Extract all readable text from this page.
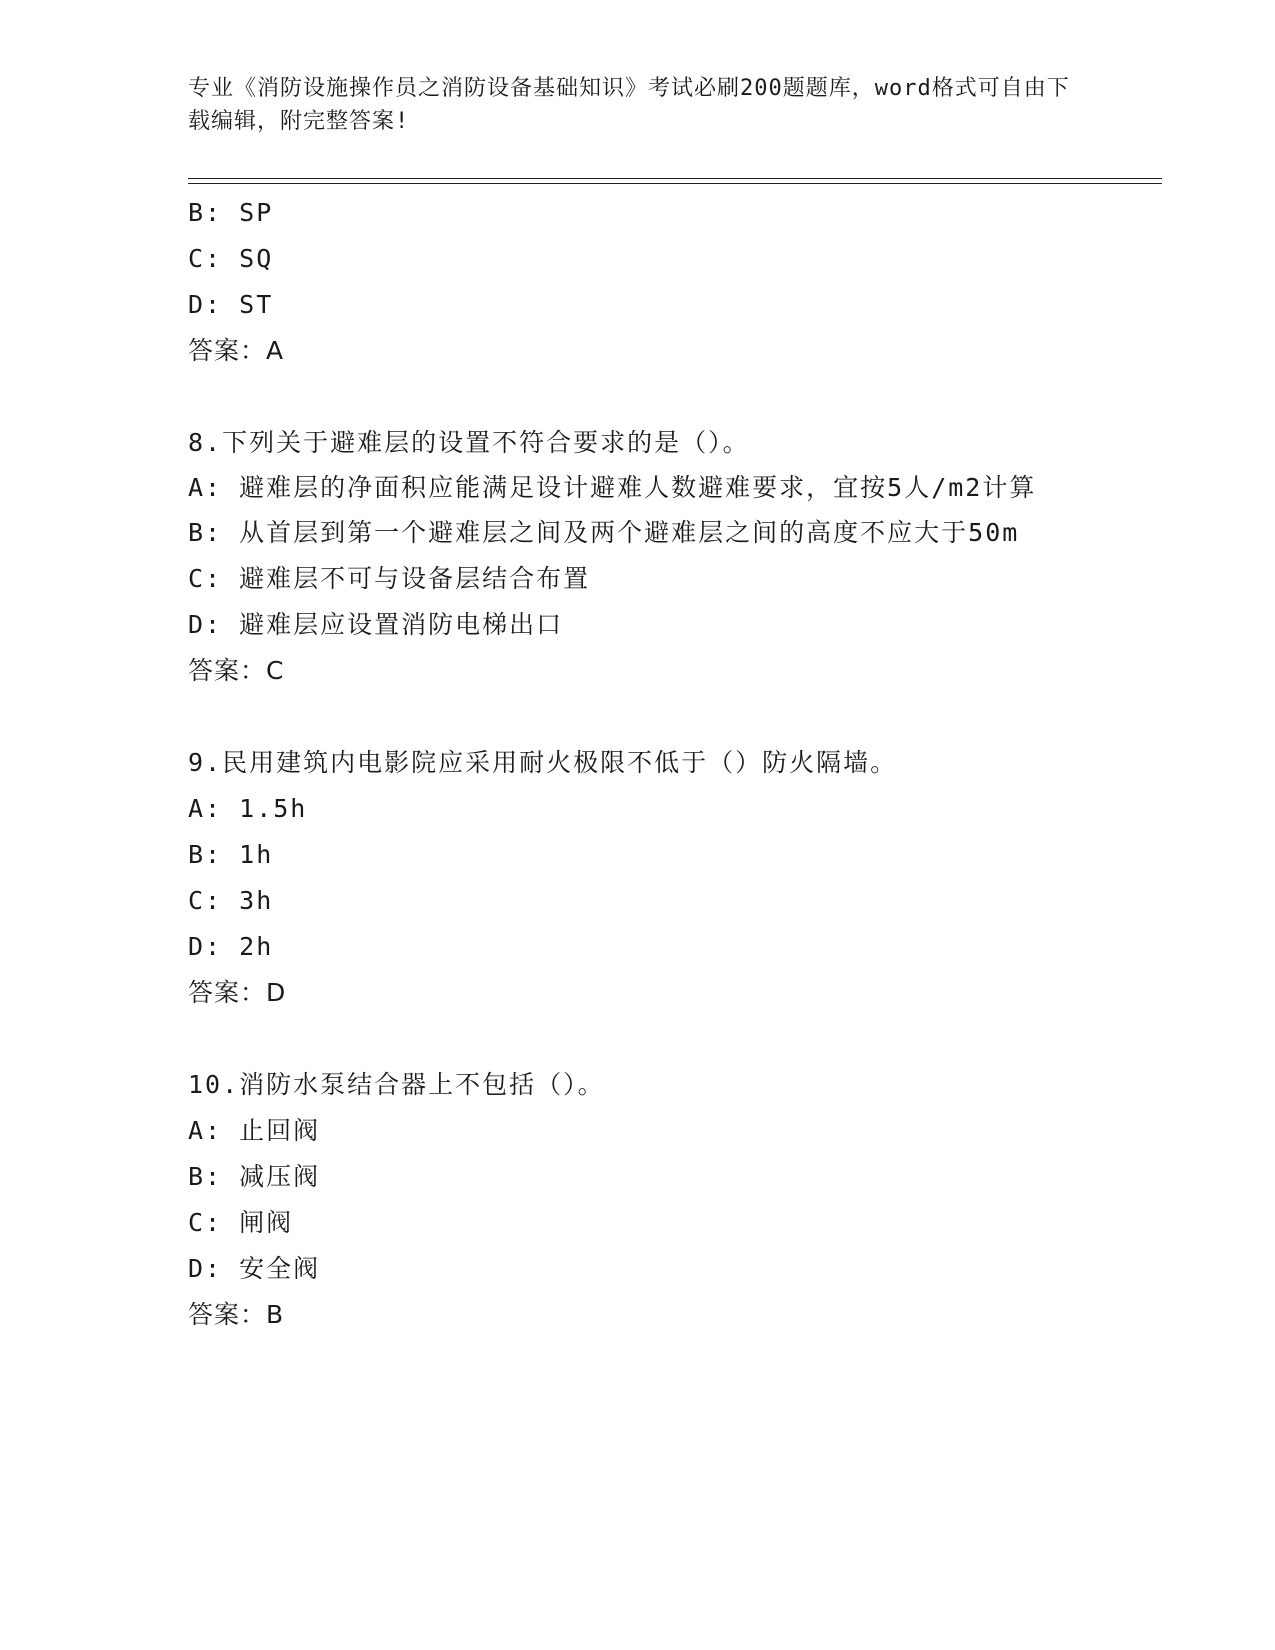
专业《消防设施操作员之消防设备基础知识》考试必刷200题题库，word格式可自由下载编辑，附完整答案!
B: SP
C: SQ
D: ST
答案：A
8.下列关于避难层的设置不符合要求的是（）。
A: 避难层的净面积应能满足设计避难人数避难要求，宜按5人/m2计算
B: 从首层到第一个避难层之间及两个避难层之间的高度不应大于50m
C: 避难层不可与设备层结合布置
D: 避难层应设置消防电梯出口
答案：C
9.民用建筑内电影院应采用耐火极限不低于（）防火隔墙。
A: 1.5h
B: 1h
C: 3h
D: 2h
答案：D
10.消防水泵结合器上不包括（）。
A: 止回阀
B: 减压阀
C: 闸阀
D: 安全阀
答案：B
